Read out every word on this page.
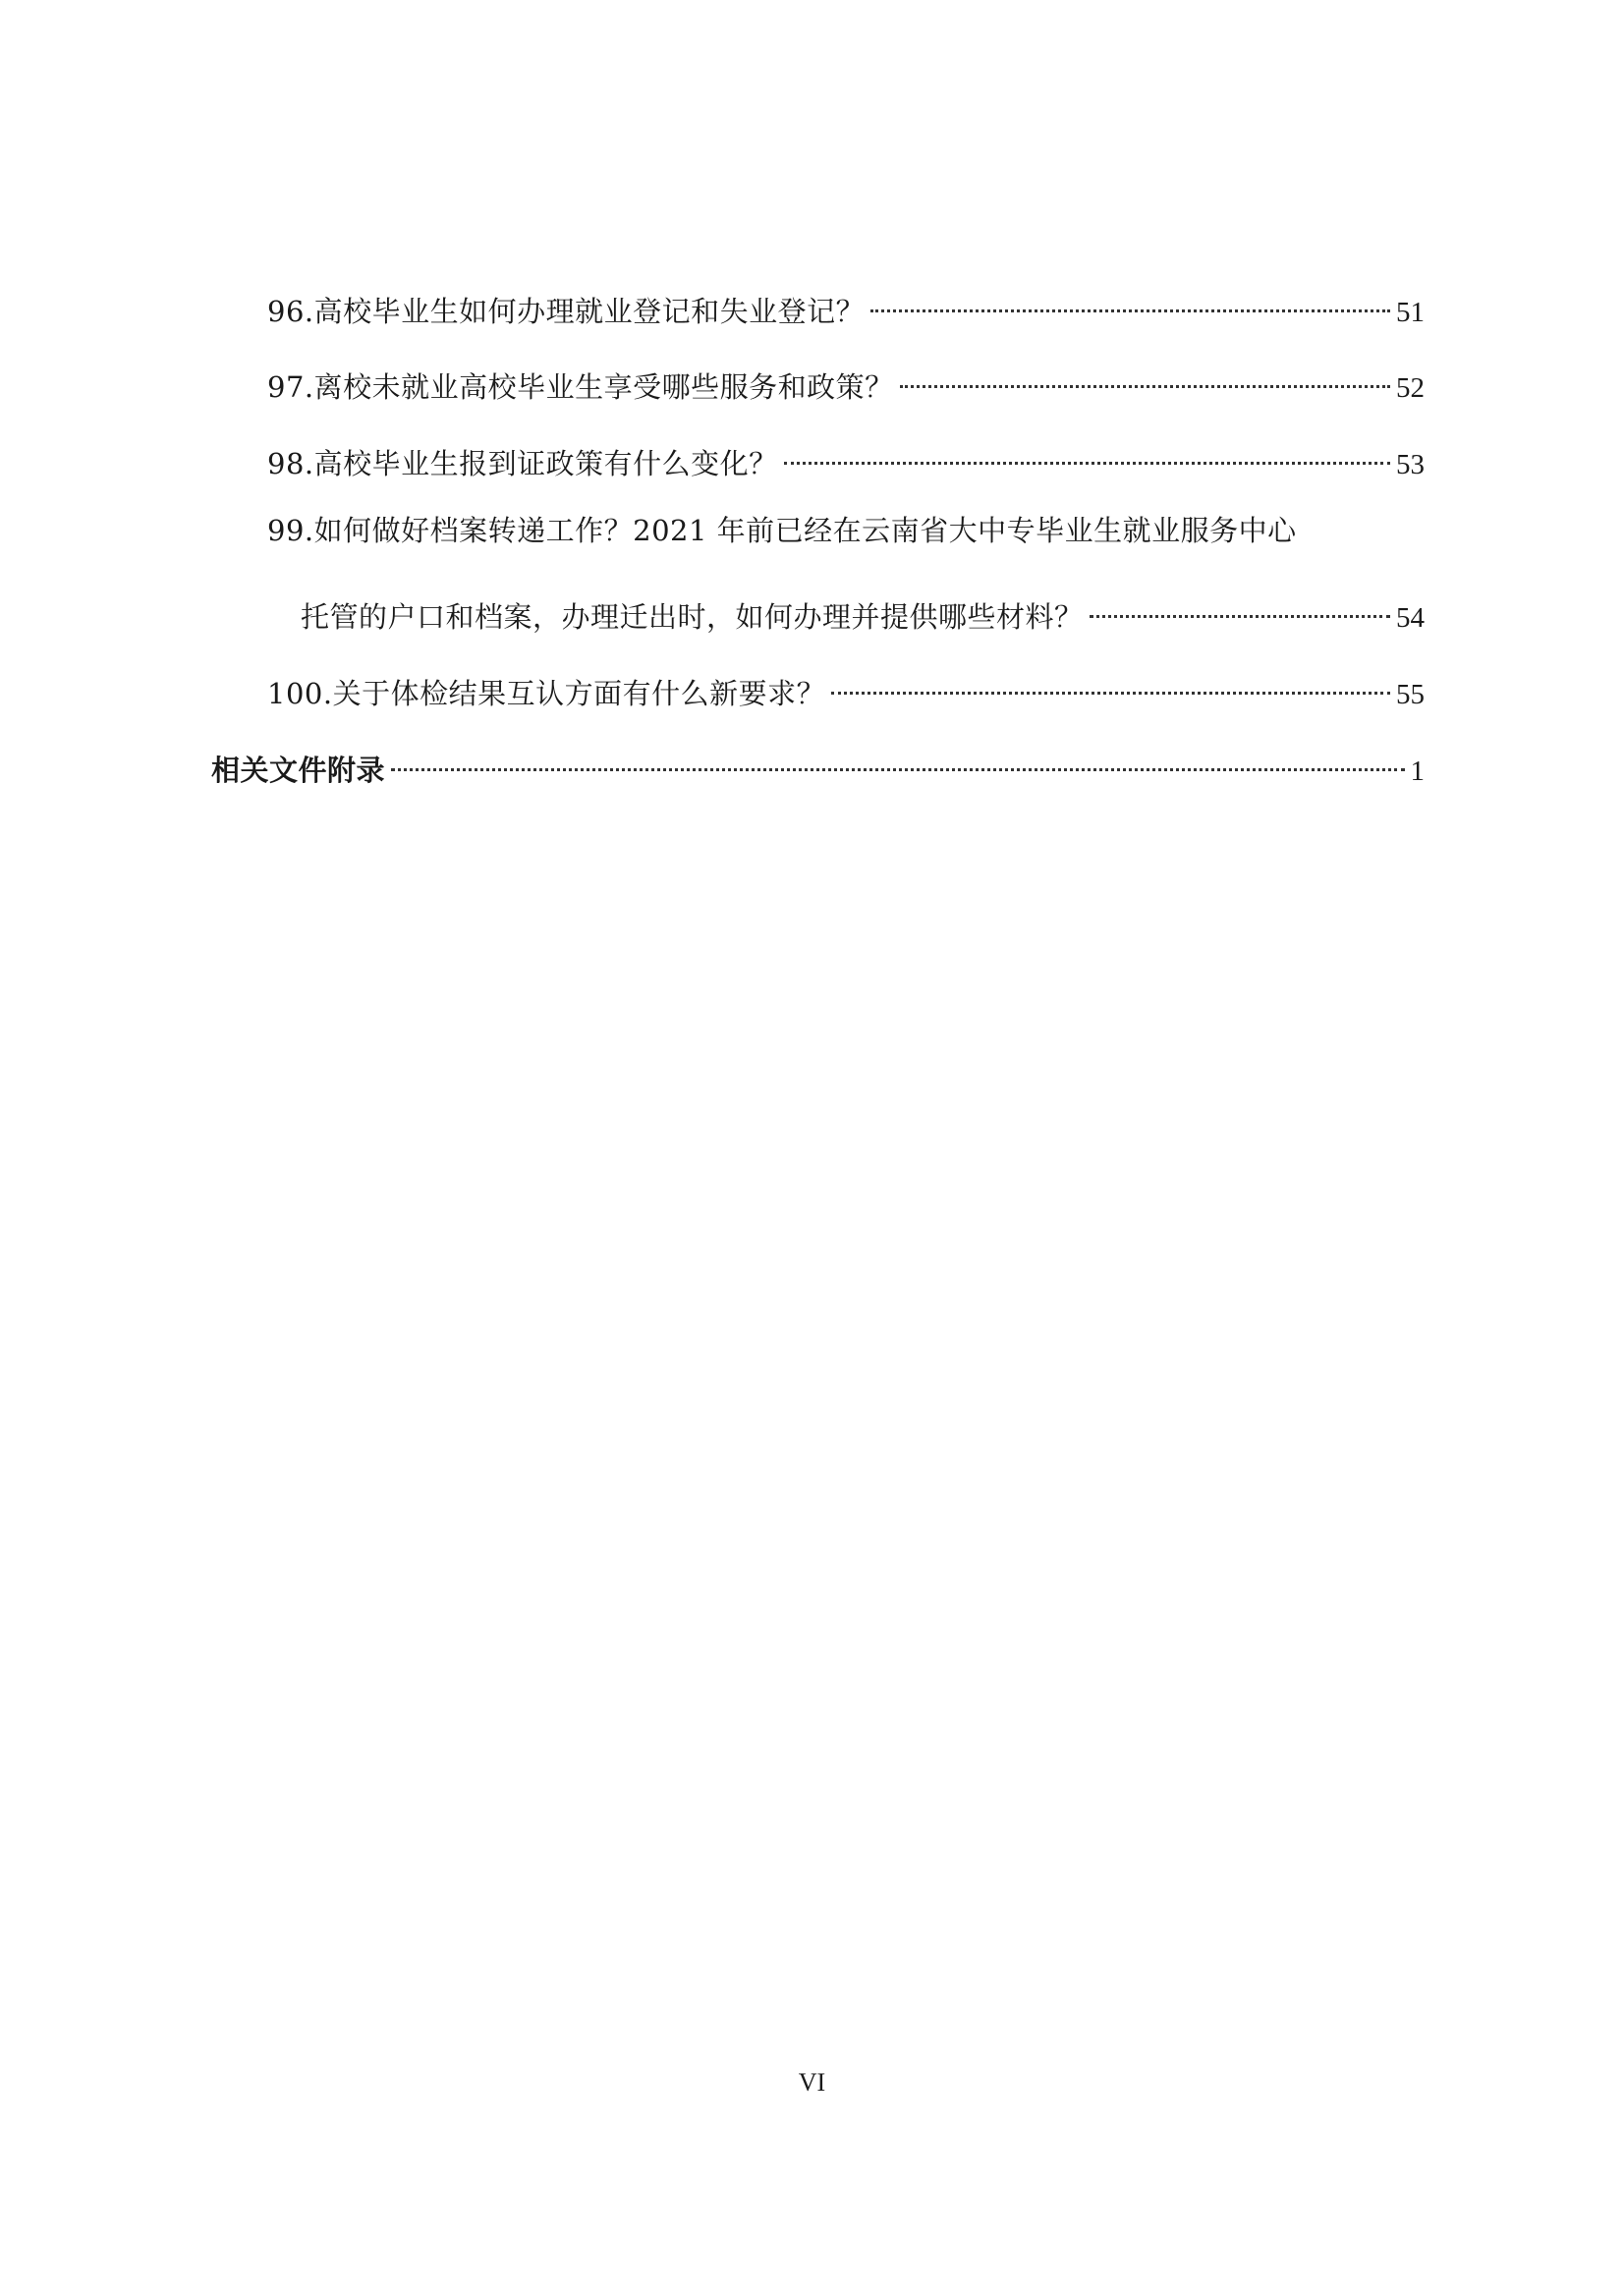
96.高校毕业生如何办理就业登记和失业登记？	51
97.离校未就业高校毕业生享受哪些服务和政策？	52
98.高校毕业生报到证政策有什么变化？	53
99.如何做好档案转递工作？2021 年前已经在云南省大中专毕业生就业服务中心
托管的户口和档案，办理迁出时，如何办理并提供哪些材料？	54
100.关于体检结果互认方面有什么新要求？	55
相关文件附录	1
VI
